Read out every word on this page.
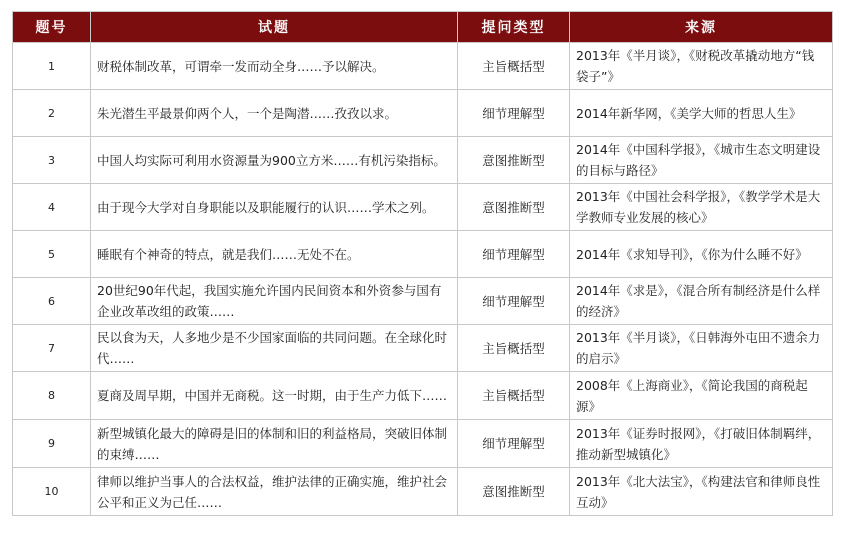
题号	试题	提问类型	来源
1	财税体制改革，可谓牵一发而动全身……予以解决。	主旨概括型	2013年《半月谈》，《财税改革撬动地方“钱袋子”》
2	朱光潜生平最景仰两个人，一个是陶潜……孜孜以求。	细节理解型	2014年新华网，《美学大师的哲思人生》
3	中国人均实际可利用水资源量为900立方米……有机污染指标。	意图推断型	2014年《中国科学报》，《城市生态文明建设的目标与路径》
4	由于现今大学对自身职能以及职能履行的认识……学术之列。	意图推断型	2013年《中国社会科学报》，《教学学术是大学教师专业发展的核心》
5	睡眠有个神奇的特点，就是我们……无处不在。	细节理解型	2014年《求知导刊》，《你为什么睡不好》
6	20世纪90年代起，我国实施允许国内民间资本和外资参与国有企业改革改组的政策……	细节理解型	2014年《求是》，《混合所有制经济是什么样的经济》
7	民以食为天，人多地少是不少国家面临的共同问题。在全球化时代……	主旨概括型	2013年《半月谈》，《日韩海外屯田不遗余力的启示》
8	夏商及周早期，中国并无商税。这一时期，由于生产力低下……	主旨概括型	2008年《上海商业》，《简论我国的商税起源》
9	新型城镇化最大的障碍是旧的体制和旧的利益格局，突破旧体制的束缚……	细节理解型	2013年《证券时报网》，《打破旧体制羁绊，推动新型城镇化》
10	律师以维护当事人的合法权益，维护法律的正确实施，维护社会公平和正义为己任……	意图推断型	2013年《北大法宝》，《构建法官和律师良性互动》
